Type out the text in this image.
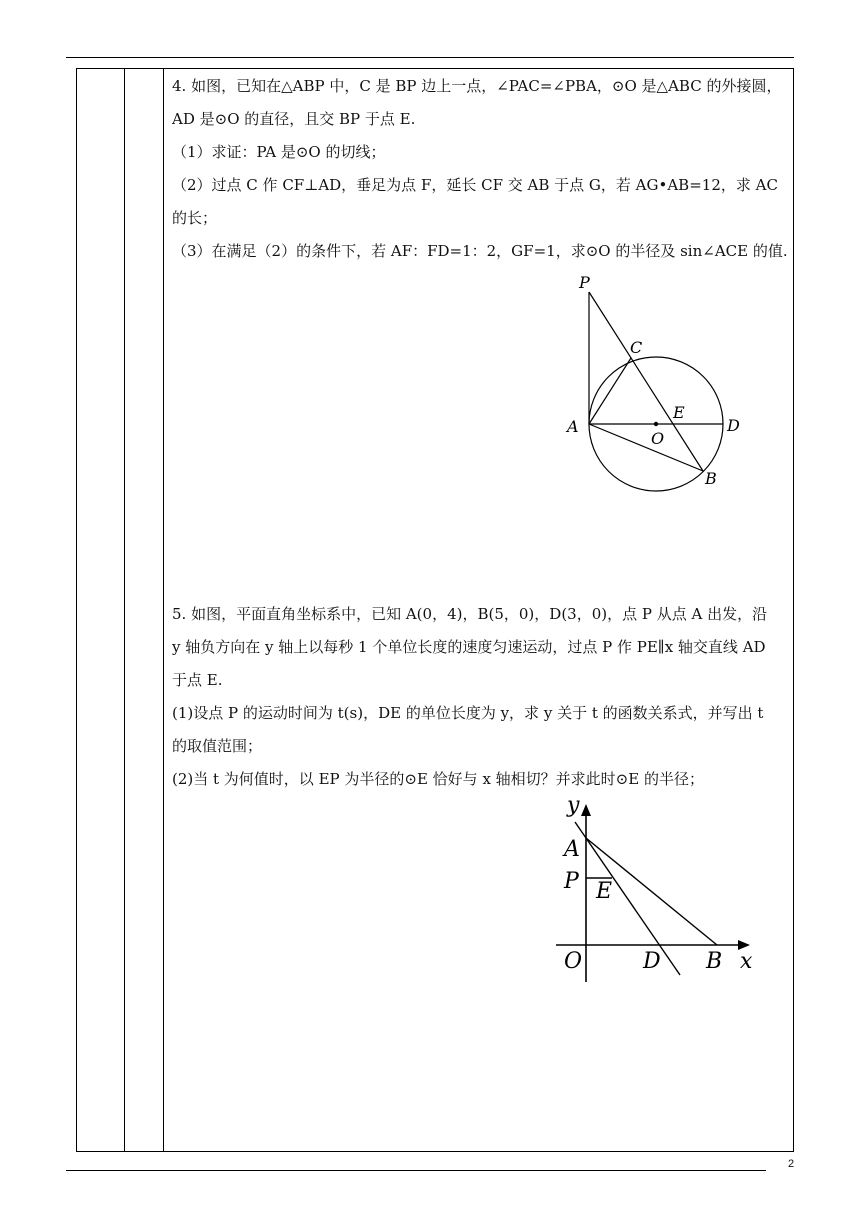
2
4. 如图，已知在△ABP 中，C 是 BP 边上一点，∠PAC=∠PBA，⊙O 是△ABC 的外接圆，
AD 是⊙O 的直径，且交 BP 于点 E.
（1）求证：PA 是⊙O 的切线；
（2）过点 C 作 CF⊥AD，垂足为点 F，延长 CF 交 AB 于点 G，若 AG•AB=12，求 AC
的长；
（3）在满足（2）的条件下，若 AF：FD=1：2，GF=1，求⊙O 的半径及 sin∠ACE 的值.
P
C
A
E
O
D
B
5. 如图，平面直角坐标系中，已知 A(0，4)，B(5，0)，D(3，0)，点 P 从点 A 出发，沿
y 轴负方向在 y 轴上以每秒 1 个单位长度的速度匀速运动，过点 P 作 PE∥x 轴交直线 AD
于点 E.
(1)设点 P 的运动时间为 t(s)，DE 的单位长度为 y，求 y 关于 t 的函数关系式，并写出 t
的取值范围；
(2)当 t 为何值时，以 EP 为半径的⊙E 恰好与 x 轴相切？并求此时⊙E 的半径；
y
A
P E
O	D B x
